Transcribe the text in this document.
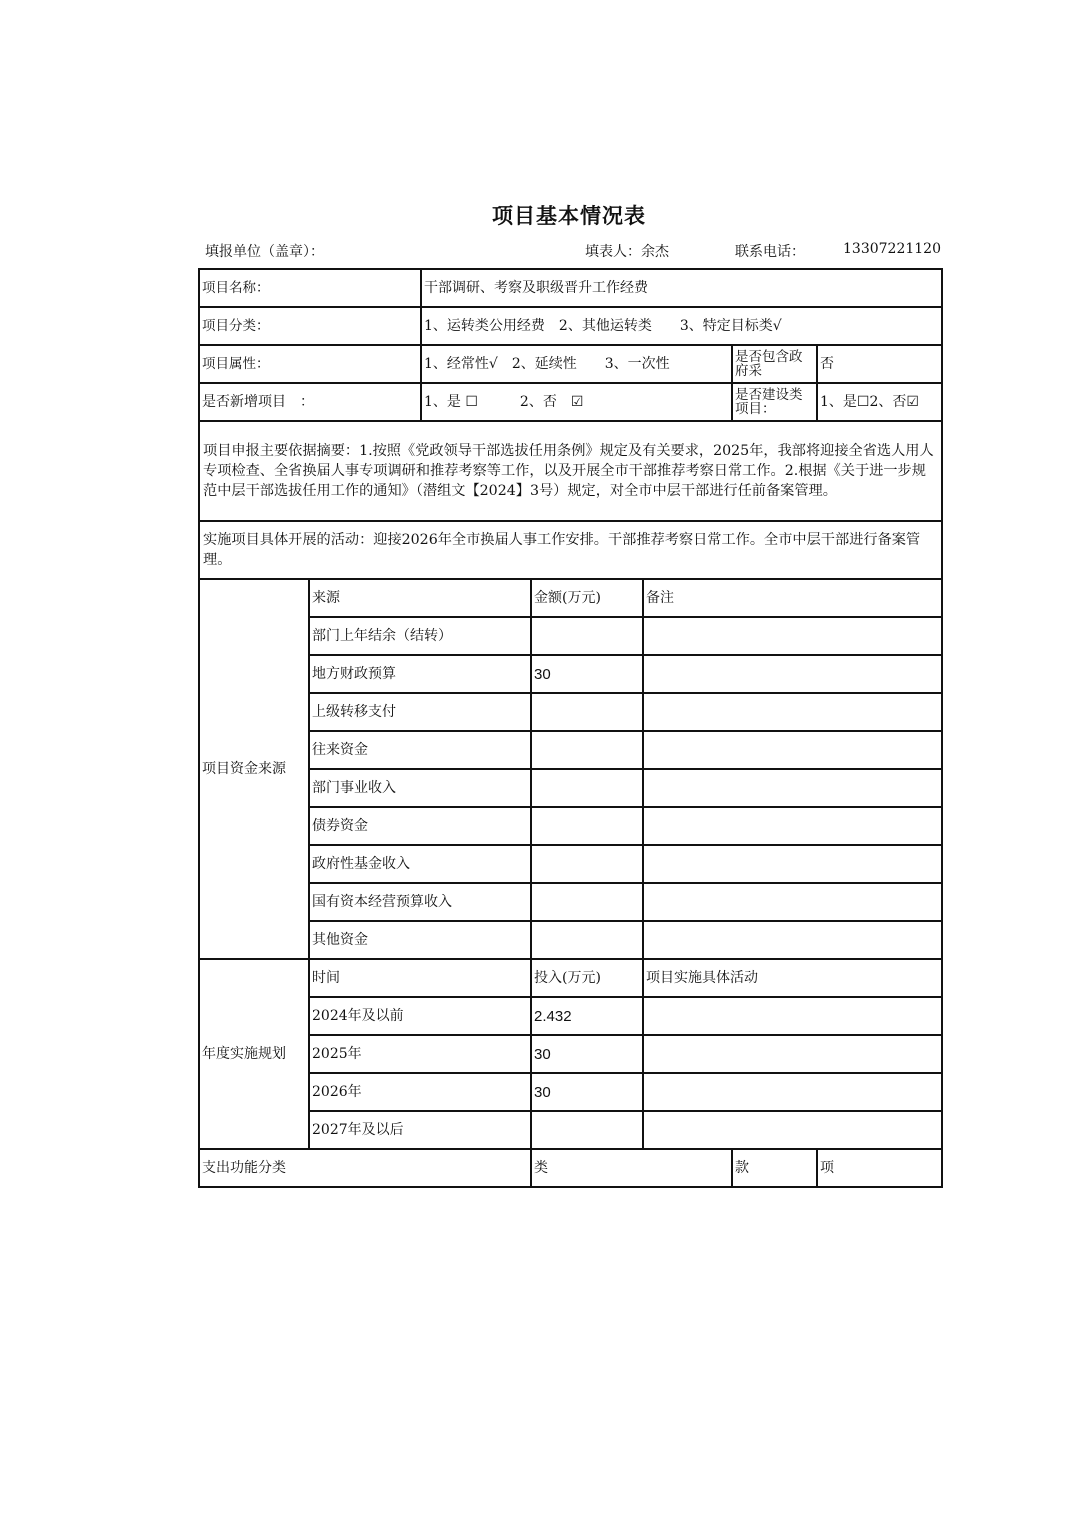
项目基本情况表
填报单位（盖章）：	填表人：余杰	联系电话：	13307221120
项目名称：		干部调研、考察及职级晋升工作经费				
项目分类：		1、运转类公用经费　2、其他运转类　　3、特定目标类√				
项目属性：		1、经常性√　2、延续性　　3、一次性			是否包含政府采	否
是否新增项目　：		1、是 ☐　　　2、否　☑			是否建设类项目：	1、是☐2、否☑
项目申报主要依据摘要：1.按照《党政领导干部选拔任用条例》规定及有关要求，2025年，我部将迎接全省选人用人专项检查、全省换届人事专项调研和推荐考察等工作，以及开展全市干部推荐考察日常工作。2.根据《关于进一步规范中层干部选拔任用工作的通知》（潜组文【2024】3号）规定，对全市中层干部进行任前备案管理。						
实施项目具体开展的活动：迎接2026年全市换届人事工作安排。干部推荐考察日常工作。全市中层干部进行备案管理。						
项目资金来源	来源		金额(万元)	备注		
	部门上年结余（结转）					
	地方财政预算		30			
	上级转移支付					
	往来资金					
	部门事业收入					
	债券资金					
	政府性基金收入					
	国有资本经营预算收入					
	其他资金					
年度实施规划	时间		投入(万元)	项目实施具体活动		
	2024年及以前		2.432			
	2025年		30			
	2026年		30			
	2027年及以后					
支出功能分类			类		款	项
